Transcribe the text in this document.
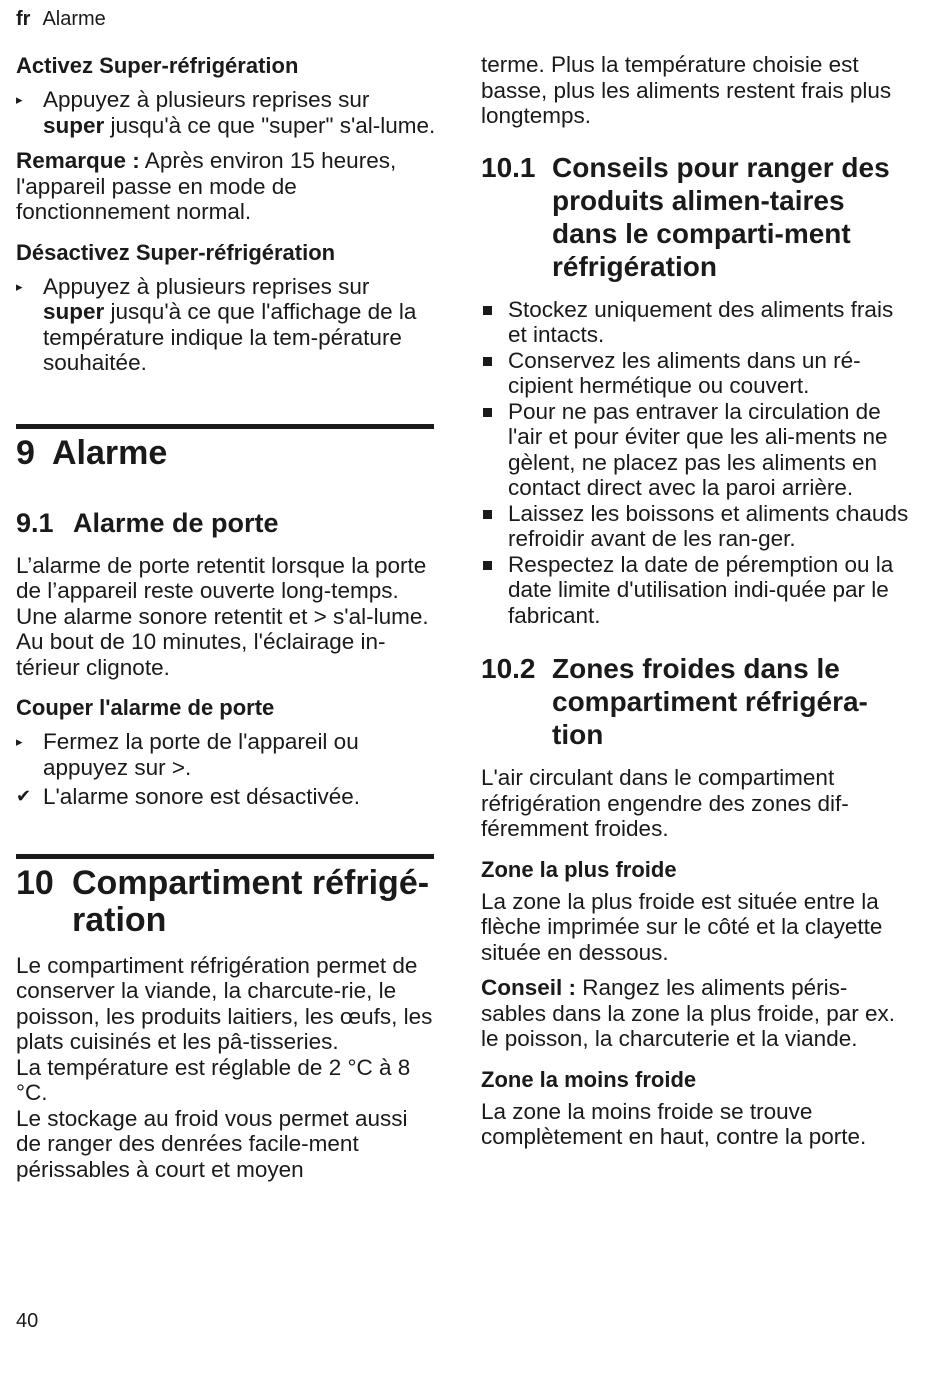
fr Alarme
Activez Super-réfrigération
▸ Appuyez à plusieurs reprises sur super jusqu'à ce que "super" s'al-lume.

Remarque : Après environ 15 heures, l'appareil passe en mode de fonctionnement normal.

Désactivez Super-réfrigération
▸ Appuyez à plusieurs reprises sur super jusqu'à ce que l'affichage de la température indique la tem-pérature souhaitée.
9 Alarme
9.1 Alarme de porte

L’alarme de porte retentit lorsque la porte de l’appareil reste ouverte long-temps.

Une alarme sonore retentit et > s'al-lume.

Au bout de 10 minutes, l'éclairage in-térieur clignote.

Couper l'alarme de porte
▸ Fermez la porte de l'appareil ou appuyez sur >.
✔ L'alarme sonore est désactivée.
10 Compartiment réfrigé-ration

Le compartiment réfrigération permet de conserver la viande, la charcute-rie, le poisson, les produits laitiers, les œufs, les plats cuisinés et les pâ-tisseries.

La température est réglable de 2 °C à 8 °C.

Le stockage au froid vous permet aussi de ranger des denrées facile-ment périssables à court et moyen

terme. Plus la température choisie est basse, plus les aliments restent frais plus longtemps.

10.1 Conseils pour ranger des produits alimen-taires dans le comparti-ment réfrigération
Stockez uniquement des aliments frais et intacts.
Conservez les aliments dans un ré-cipient hermétique ou couvert.
Pour ne pas entraver la circulation de l'air et pour éviter que les ali-ments ne gèlent, ne placez pas les aliments en contact direct avec la paroi arrière.
Laissez les boissons et aliments chauds refroidir avant de les ran-ger.
Respectez la date de péremption ou la date limite d'utilisation indi-quée par le fabricant.
10.2 Zones froides dans le compartiment réfrigéra-tion

L'air circulant dans le compartiment réfrigération engendre des zones dif-féremment froides.

Zone la plus froide

La zone la plus froide est située entre la flèche imprimée sur le côté et la clayette située en dessous.

Conseil : Rangez les aliments péris-sables dans la zone la plus froide, par ex. le poisson, la charcuterie et la viande.

Zone la moins froide

La zone la moins froide se trouve complètement en haut, contre la porte.

40
